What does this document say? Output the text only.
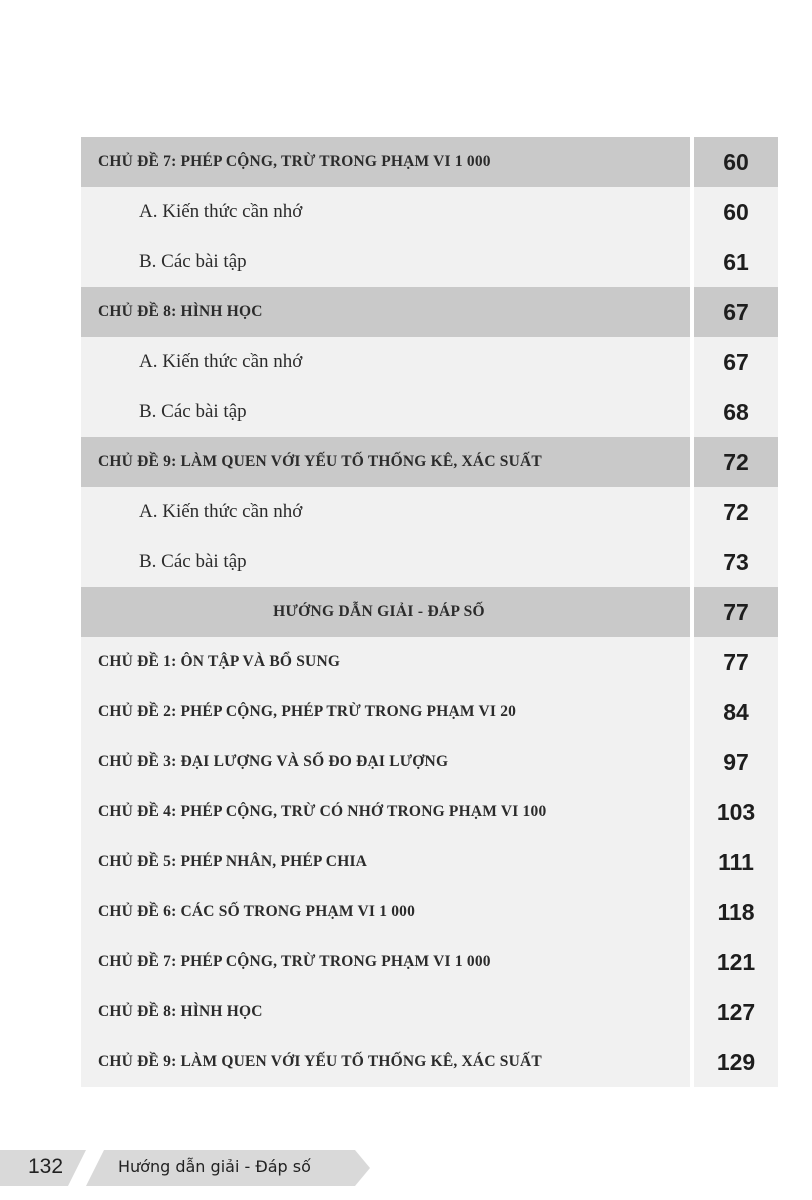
CHỦ ĐỀ 7: PHÉP CỘNG, TRỪ TRONG PHẠM VI 1 000	60
A. Kiến thức cần nhớ	60
B. Các bài tập	61
CHỦ ĐỀ 8: HÌNH HỌC	67
A. Kiến thức cần nhớ	67
B. Các bài tập	68
CHỦ ĐỀ 9: LÀM QUEN VỚI YẾU TỐ THỐNG KÊ, XÁC SUẤT	72
A. Kiến thức cần nhớ	72
B. Các bài tập	73
HƯỚNG DẪN GIẢI - ĐÁP SỐ	77
CHỦ ĐỀ 1: ÔN TẬP VÀ BỔ SUNG	77
CHỦ ĐỀ 2: PHÉP CỘNG, PHÉP TRỪ TRONG PHẠM VI 20	84
CHỦ ĐỀ 3: ĐẠI LƯỢNG VÀ SỐ ĐO ĐẠI LƯỢNG	97
CHỦ ĐỀ 4: PHÉP CỘNG, TRỪ CÓ NHỚ TRONG PHẠM VI 100	103
CHỦ ĐỀ 5: PHÉP NHÂN, PHÉP CHIA	111
CHỦ ĐỀ 6: CÁC SỐ TRONG PHẠM VI 1 000	118
CHỦ ĐỀ 7: PHÉP CỘNG, TRỪ TRONG PHẠM VI 1 000	121
CHỦ ĐỀ 8: HÌNH HỌC	127
CHỦ ĐỀ 9: LÀM QUEN VỚI YẾU TỐ THỐNG KÊ, XÁC SUẤT	129
132	Hướng dẫn giải - Đáp số
